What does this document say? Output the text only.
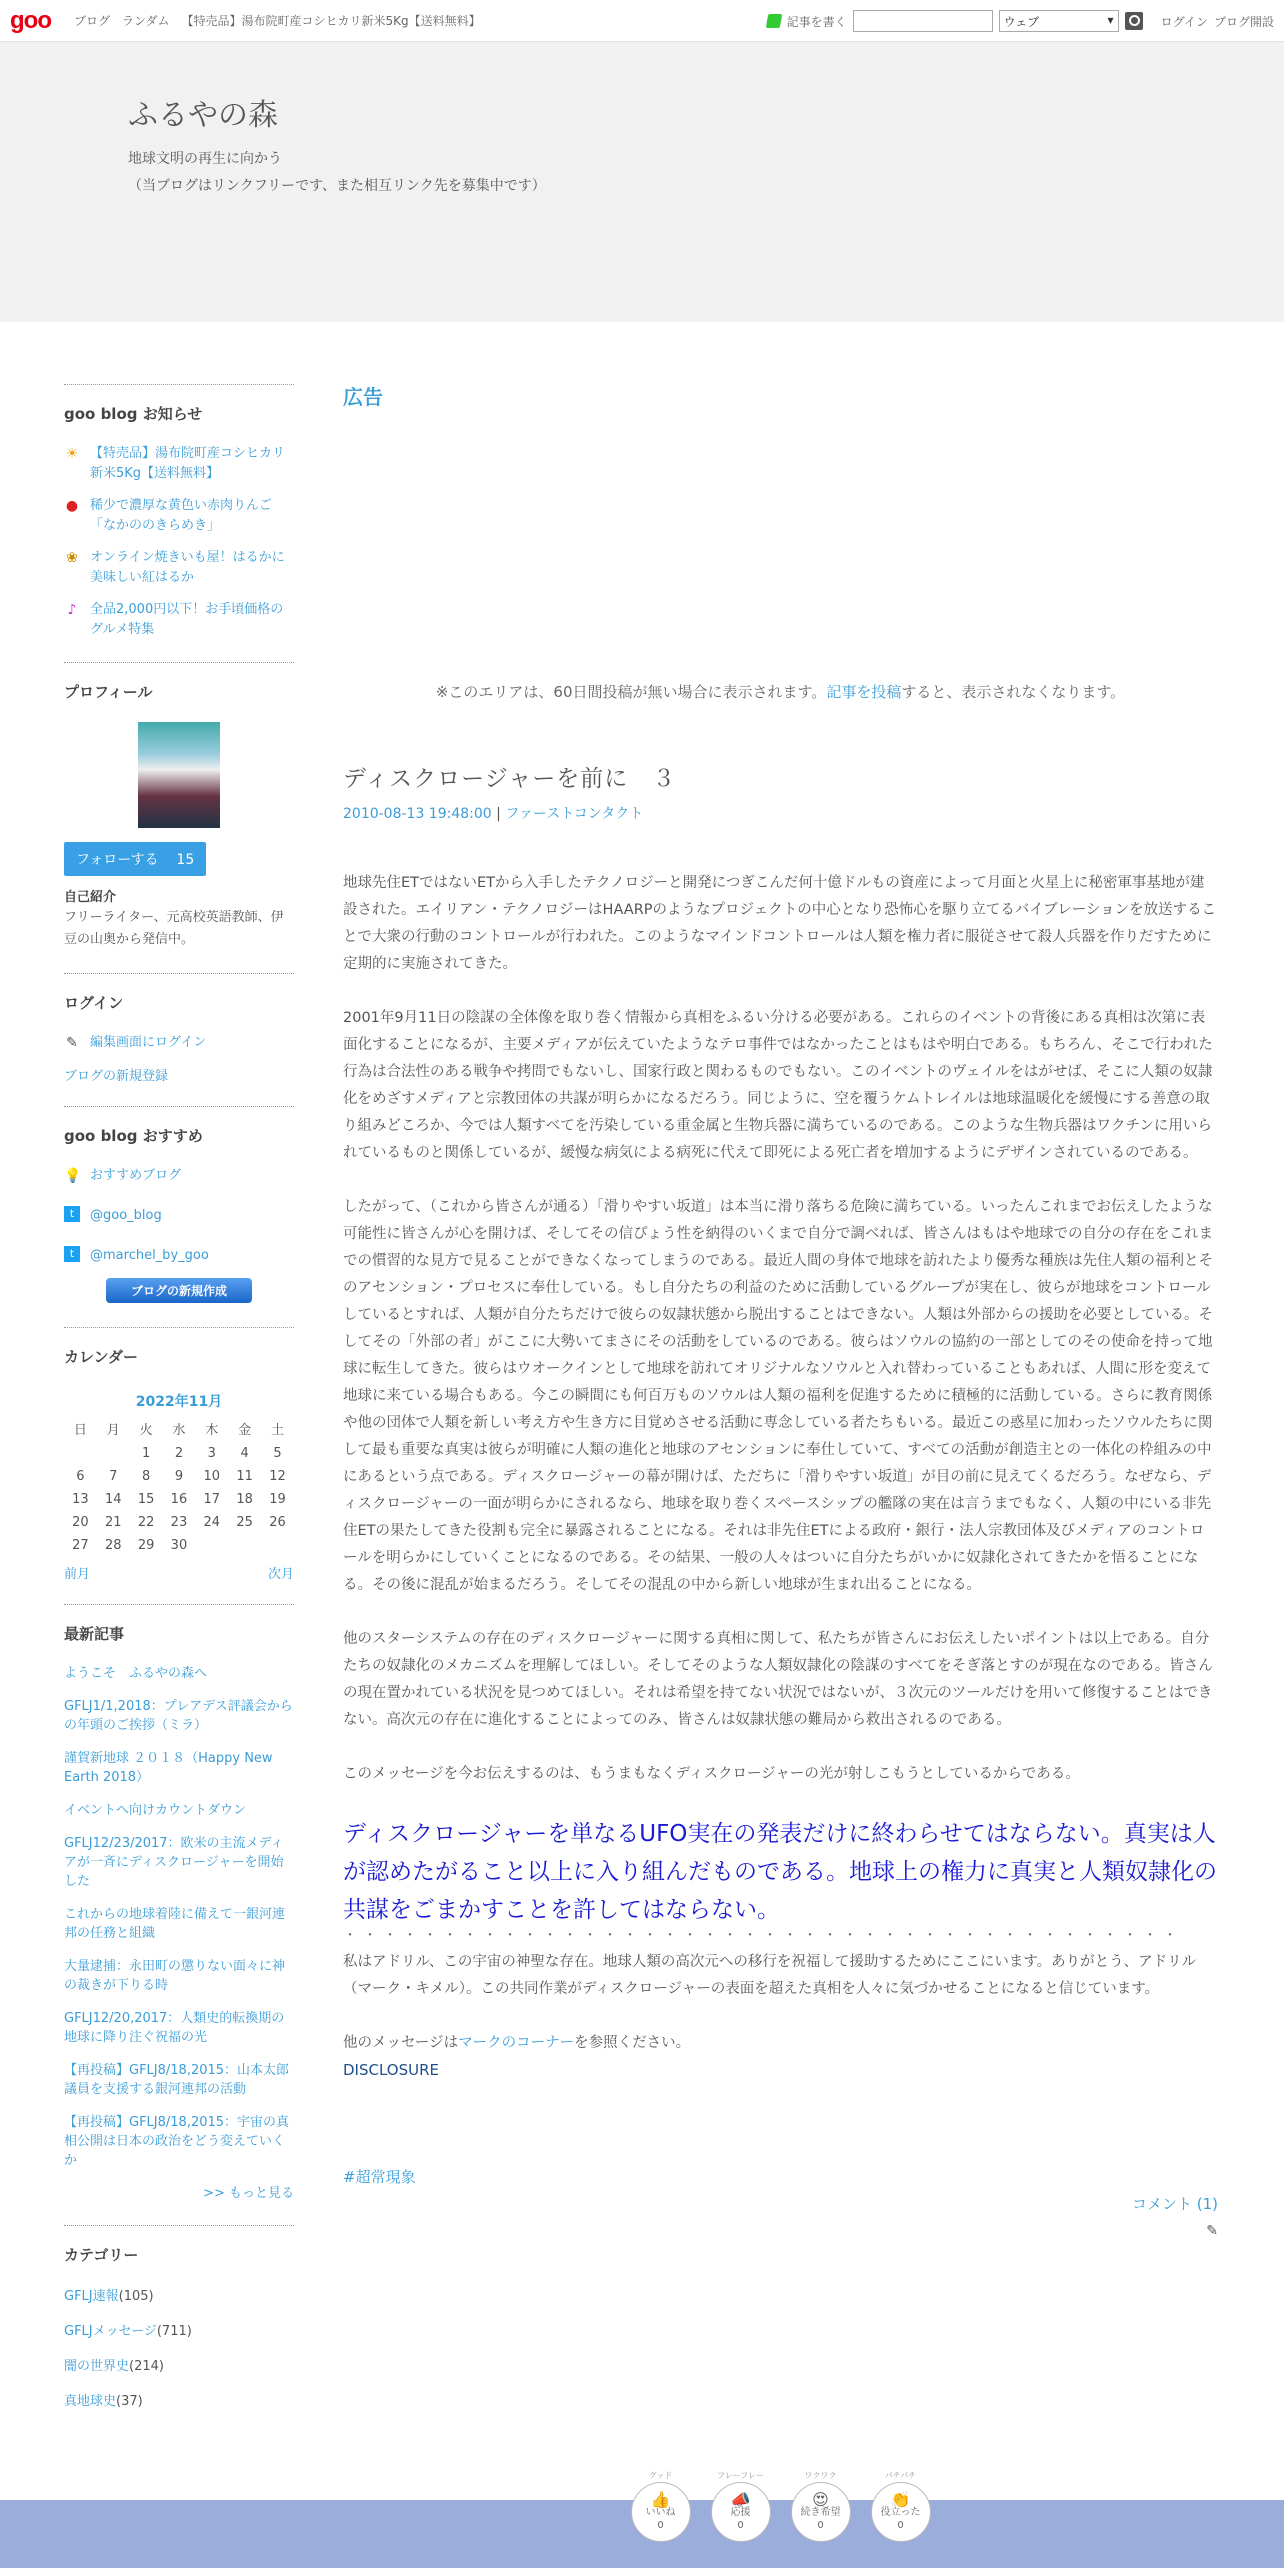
goo	ブログ ランダム 【特売品】湯布院町産コシヒカリ新米5Kg【送料無料】	記事を書く	ウェブ	▾	ログイン ブログ開設
ふるやの森
地球文明の再生に向かう
（当ブログはリンクフリーです、また相互リンク先を募集中です）
goo blog お知らせ
☀ 【特売品】湯布院町産コシヒカリ新米5Kg【送料無料】
● 稀少で濃厚な黄色い赤肉りんご「なかののきらめき」
❀ オンライン焼きいも屋！はるかに美味しい紅はるか
♪ 全品2,000円以下！お手頃価格のグルメ特集
プロフィール
フォローする 15
自己紹介
フリーライター、元高校英語教師、伊豆の山奥から発信中。
ログイン
✎ 編集画面にログイン
ブログの新規登録
goo blog おすすめ
💡 おすすめブログ
t	@goo_blog
t	@marchel_by_goo
ブログの新規作成
カレンダー
2022年11月						
日	月	火	水	木	金	土
		1	2	3	4	5
6	7	8	9	10	11	12
13	14	15	16	17	18	19
20	21	22	23	24	25	26
27	28	29	30			
前月	次月
最新記事
ようこそ　ふるやの森へ
GFLJ1/1,2018：プレアデス評議会からの年頭のご挨拶（ミラ）
謹賀新地球 ２０１８（Happy New Earth 2018）
イベントへ向けカウントダウン
GFLJ12/23/2017：欧米の主流メディアが一斉にディスクロージャーを開始した
これからの地球着陸に備えて一銀河連邦の任務と組織
大量逮捕：永田町の懲りない面々に神の裁きが下りる時
GFLJ12/20,2017：人類史的転換期の地球に降り注ぐ祝福の光
【再投稿】GFLJ8/18,2015：山本太郎議員を支援する銀河連邦の活動
【再投稿】GFLJ8/18,2015：宇宙の真相公開は日本の政治をどう変えていくか
>> もっと見る
カテゴリー
GFLJ速報(105)
GFLJメッセージ(711)
闇の世界史(214)
真地球史(37)
広告
※このエリアは、60日間投稿が無い場合に表示されます。記事を投稿すると、表示されなくなります。
ディスクロージャーを前に　３
2010-08-13 19:48:00 | ファーストコンタクト

地球先住ETではないETから入手したテクノロジーと開発につぎこんだ何十億ドルもの資産によって月面と火星上に秘密軍事基地が建設された。エイリアン・テクノロジーはHAARPのようなプロジェクトの中心となり恐怖心を駆り立てるバイブレーションを放送することで大衆の行動のコントロールが行われた。このようなマインドコントロールは人類を権力者に服従させて殺人兵器を作りだすために定期的に実施されてきた。

2001年9月11日の陰謀の全体像を取り巻く情報から真相をふるい分ける必要がある。これらのイベントの背後にある真相は次第に表面化することになるが、主要メディアが伝えていたようなテロ事件ではなかったことはもはや明白である。もちろん、そこで行われた行為は合法性のある戦争や拷問でもないし、国家行政と関わるものでもない。このイベントのヴェイルをはがせば、そこに人類の奴隷化をめざすメディアと宗教団体の共謀が明らかになるだろう。同じように、空を覆うケムトレイルは地球温暖化を緩慢にする善意の取り組みどころか、今では人類すべてを汚染している重金属と生物兵器に満ちているのである。このような生物兵器はワクチンに用いられているものと関係しているが、緩慢な病気による病死に代えて即死による死亡者を増加するようにデザインされているのである。

したがって、（これから皆さんが通る）「滑りやすい坂道」は本当に滑り落ちる危険に満ちている。いったんこれまでお伝えしたような可能性に皆さんが心を開けば、そしてその信ぴょう性を納得のいくまで自分で調べれば、皆さんはもはや地球での自分の存在をこれまでの慣習的な見方で見ることができなくなってしまうのである。最近人間の身体で地球を訪れたより優秀な種族は先住人類の福利とそのアセンション・プロセスに奉仕している。もし自分たちの利益のために活動しているグループが実在し、彼らが地球をコントロールしているとすれば、人類が自分たちだけで彼らの奴隷状態から脱出することはできない。人類は外部からの援助を必要としている。そしてその「外部の者」がここに大勢いてまさにその活動をしているのである。彼らはソウルの協約の一部としてのその使命を持って地球に転生してきた。彼らはウオークインとして地球を訪れてオリジナルなソウルと入れ替わっていることもあれば、人間に形を変えて地球に来ている場合もある。今この瞬間にも何百万ものソウルは人類の福利を促進するために積極的に活動している。さらに教育関係や他の団体で人類を新しい考え方や生き方に目覚めさせる活動に専念している者たちもいる。最近この惑星に加わったソウルたちに関して最も重要な真実は彼らが明確に人類の進化と地球のアセンションに奉仕していて、すべての活動が創造主との一体化の枠組みの中にあるという点である。ディスクロージャーの幕が開けば、ただちに「滑りやすい坂道」が目の前に見えてくるだろう。なぜなら、ディスクロージャーの一面が明らかにされるなら、地球を取り巻くスペースシップの艦隊の実在は言うまでもなく、人類の中にいる非先住ETの果たしてきた役割も完全に暴露されることになる。それは非先住ETによる政府・銀行・法人宗教団体及びメディアのコントロールを明らかにしていくことになるのである。その結果、一般の人々はついに自分たちがいかに奴隷化されてきたかを悟ることになる。その後に混乱が始まるだろう。そしてその混乱の中から新しい地球が生まれ出ることになる。

他のスターシステムの存在のディスクロージャーに関する真相に関して、私たちが皆さんにお伝えしたいポイントは以上である。自分たちの奴隷化のメカニズムを理解してほしい。そしてそのような人類奴隷化の陰謀のすべてをそぎ落とすのが現在なのである。皆さんの現在置かれている状況を見つめてほしい。それは希望を持てない状況ではないが、３次元のツールだけを用いて修復することはできない。高次元の存在に進化することによってのみ、皆さんは奴隷状態の難局から救出されるのである。

このメッセージを今お伝えするのは、もうまもなくディスクロージャーの光が射しこもうとしているからである。

ディスクロージャーを単なるUFO実在の発表だけに終わらせてはならない。真実は人が認めたがること以上に入り組んだものである。地球上の権力に真実と人類奴隷化の共謀をごまかすことを許してはならない。

・・・・・・・・・・・・・・・・・・・・・・・・・・・・・・・・・・・・・・・・・・

私はアドリル、この宇宙の神聖な存在。地球人類の高次元への移行を祝福して援助するためにここにいます。ありがとう、アドリル（マーク・キメル）。この共同作業がディスクロージャーの表面を超えた真相を人々に気づかせることになると信じています。

他のメッセージはマークのコーナーを参照ください。

DISCLOSURE
#超常現象
コメント (1)
✎
グッド
👍
いいね
0
フレーフレー
📣
応援
0
ワクワク
😍
続き希望
0
パチパチ
👏
役立った
0
